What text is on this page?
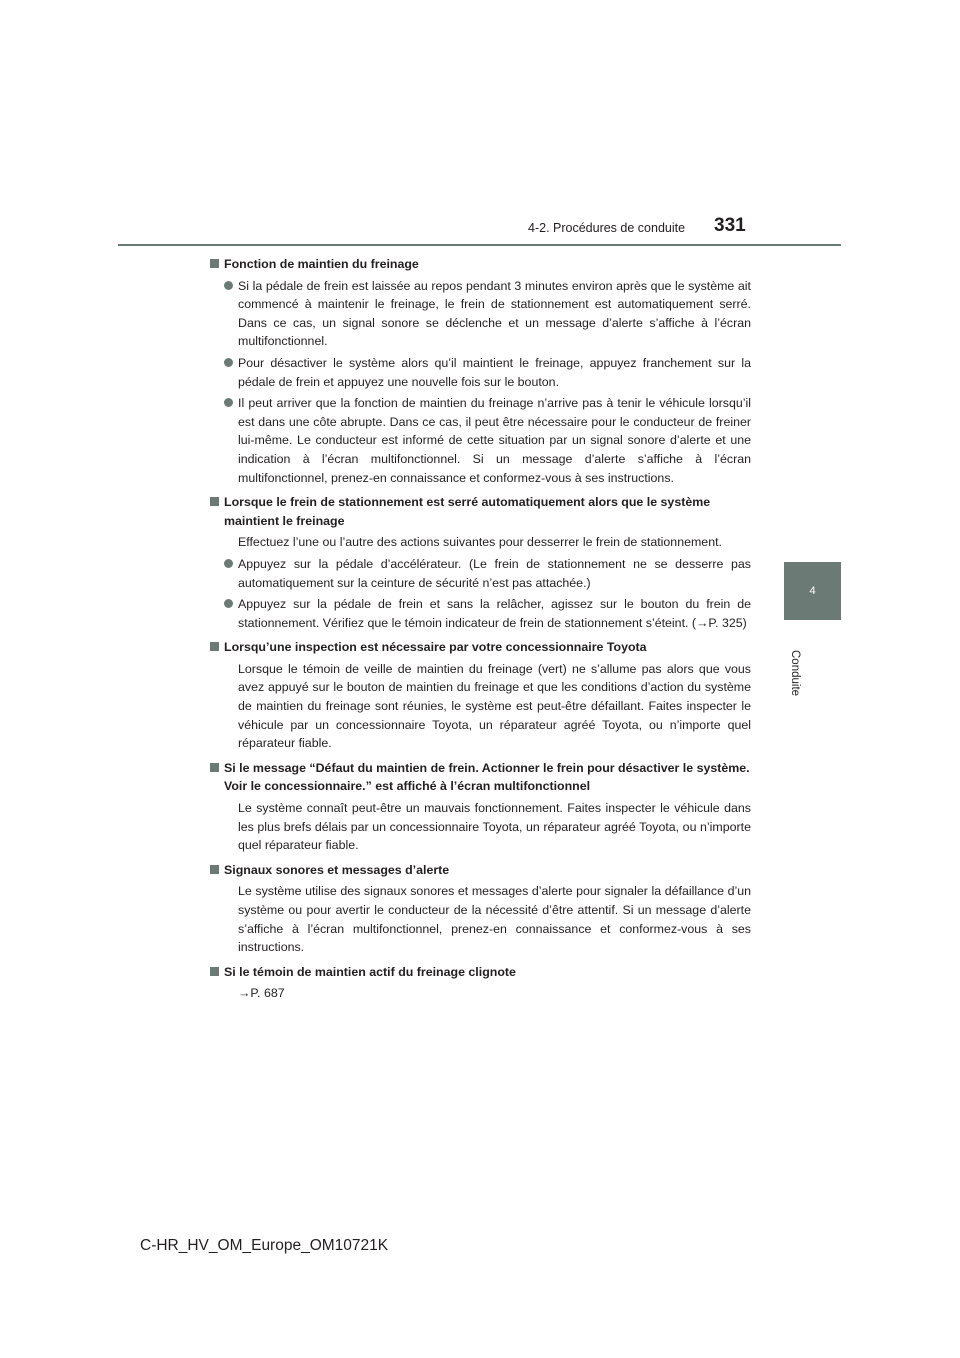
4-2. Procédures de conduite 331
4
Conduite

Fonction de maintien du freinage

Si la pédale de frein est laissée au repos pendant 3 minutes environ après que le système ait commencé à maintenir le freinage, le frein de stationnement est automatiquement serré. Dans ce cas, un signal sonore se déclenche et un message d’alerte s’affiche à l’écran multifonctionnel.

Pour désactiver le système alors qu’il maintient le freinage, appuyez franchement sur la pédale de frein et appuyez une nouvelle fois sur le bouton.

Il peut arriver que la fonction de maintien du freinage n’arrive pas à tenir le véhicule lorsqu’il est dans une côte abrupte. Dans ce cas, il peut être nécessaire pour le conducteur de freiner lui-même. Le conducteur est informé de cette situation par un signal sonore d’alerte et une indication à l’écran multifonctionnel. Si un message d’alerte s’affiche à l’écran multifonctionnel, prenez-en connaissance et conformez-vous à ses instructions.

Lorsque le frein de stationnement est serré automatiquement alors que le système maintient le freinage

Effectuez l’une ou l’autre des actions suivantes pour desserrer le frein de stationnement.

Appuyez sur la pédale d’accélérateur. (Le frein de stationnement ne se desserre pas automatiquement sur la ceinture de sécurité n’est pas attachée.)

Appuyez sur la pédale de frein et sans la relâcher, agissez sur le bouton du frein de stationnement. Vérifiez que le témoin indicateur de frein de stationnement s’éteint. (→P. 325)

Lorsqu’une inspection est nécessaire par votre concessionnaire Toyota

Lorsque le témoin de veille de maintien du freinage (vert) ne s’allume pas alors que vous avez appuyé sur le bouton de maintien du freinage et que les conditions d’action du système de maintien du freinage sont réunies, le système est peut-être défaillant. Faites inspecter le véhicule par un concessionnaire Toyota, un réparateur agréé Toyota, ou n’importe quel réparateur fiable.

Si le message “Défaut du maintien de frein. Actionner le frein pour désactiver le système. Voir le concessionnaire.” est affiché à l’écran multifonctionnel

Le système connaît peut-être un mauvais fonctionnement. Faites inspecter le véhicule dans les plus brefs délais par un concessionnaire Toyota, un réparateur agréé Toyota, ou n’importe quel réparateur fiable.

Signaux sonores et messages d’alerte

Le système utilise des signaux sonores et messages d’alerte pour signaler la défaillance d’un système ou pour avertir le conducteur de la nécessité d’être attentif. Si un message d’alerte s’affiche à l’écran multifonctionnel, prenez-en connaissance et conformez-vous à ses instructions.

Si le témoin de maintien actif du freinage clignote

→P. 687

C-HR_HV_OM_Europe_OM10721K
